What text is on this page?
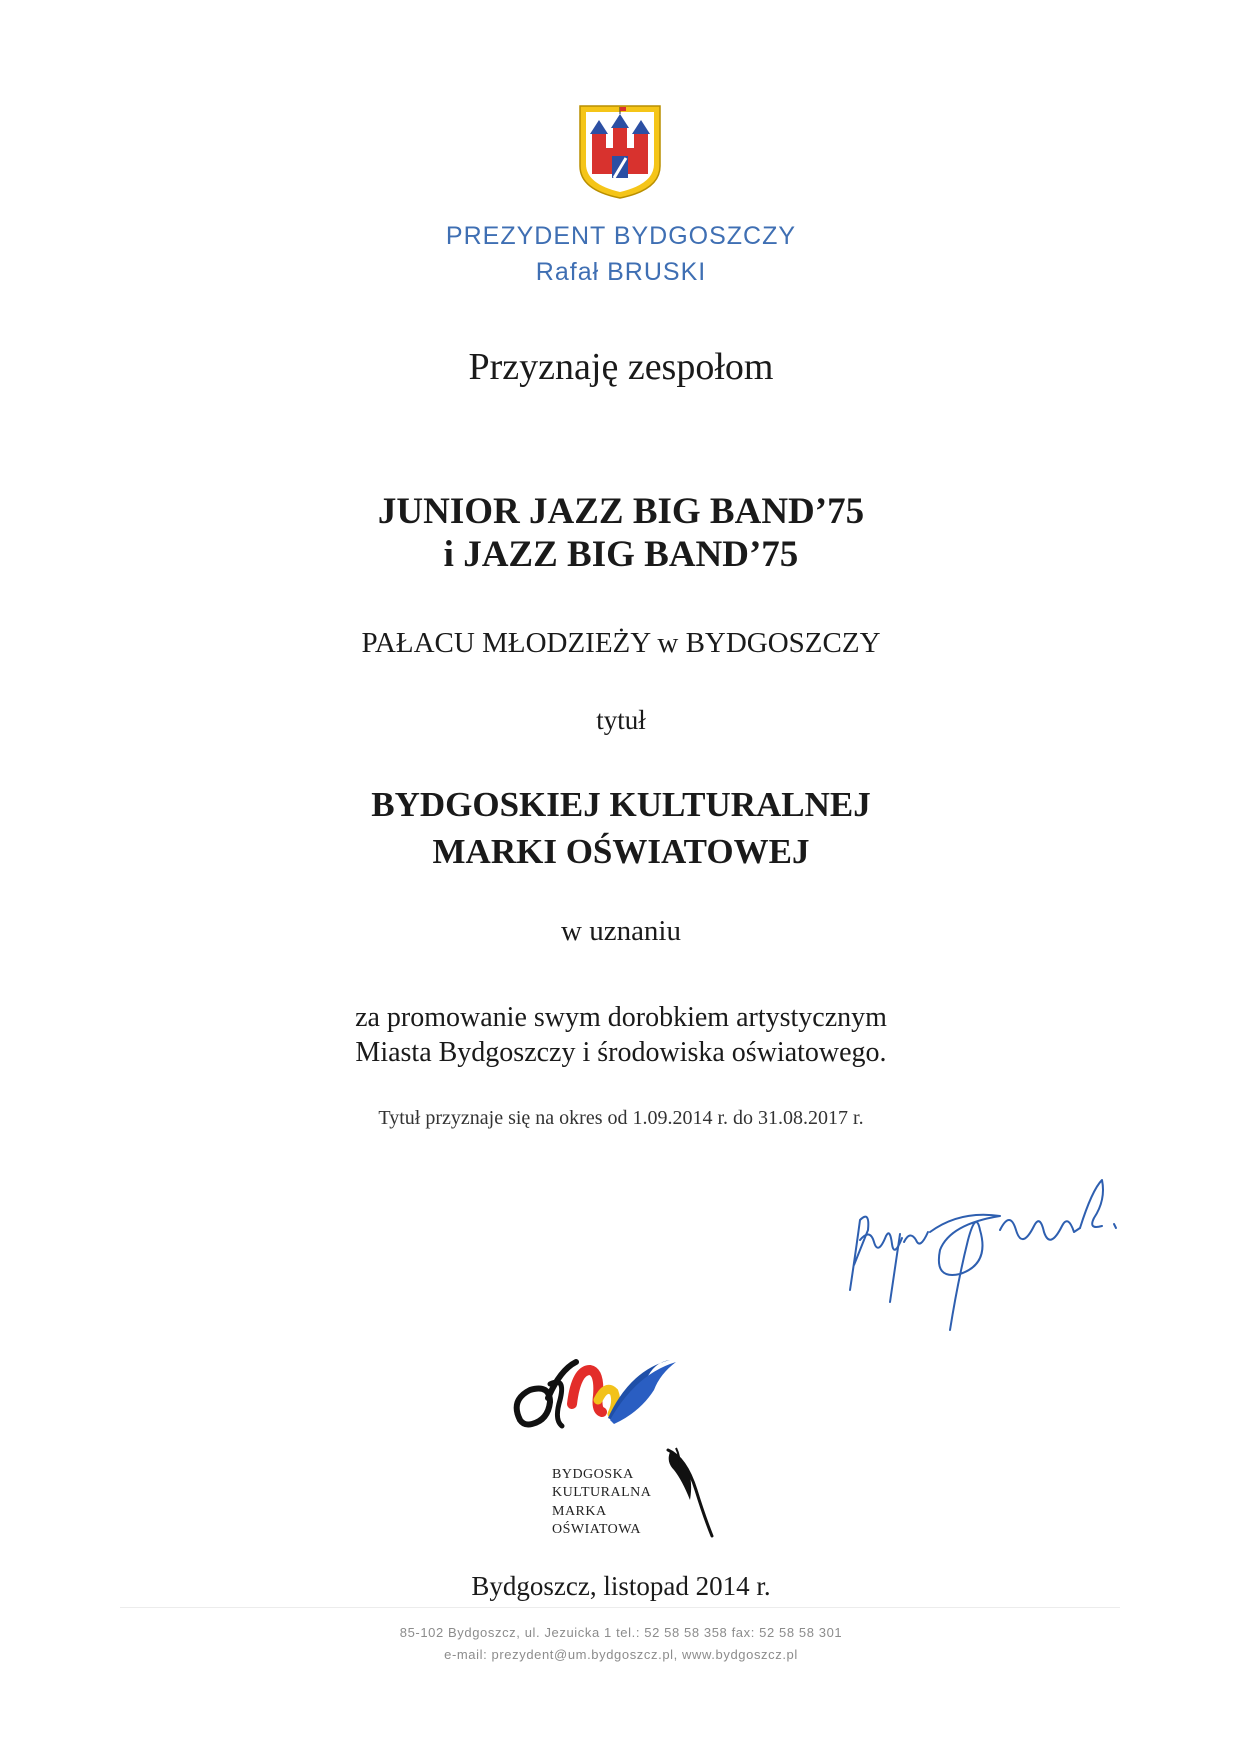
PREZYDENT BYDGOSZCZY
Rafał BRUSKI
Przyznaję zespołom
JUNIOR JAZZ BIG BAND’75
i JAZZ BIG BAND’75
PAŁACU MŁODZIEŻY w BYDGOSZCZY
tytuł
BYDGOSKIEJ KULTURALNEJ
MARKI OŚWIATOWEJ
w uznaniu
za promowanie swym dorobkiem artystycznym
Miasta Bydgoszczy i środowiska oświatowego.
Tytuł przyznaje się na okres od 1.09.2014 r. do 31.08.2017 r.
BYDGOSKA
KULTURALNA
MARKA
OŚWIATOWA
Bydgoszcz, listopad 2014 r.
85-102 Bydgoszcz, ul. Jezuicka 1 tel.: 52 58 58 358 fax: 52 58 58 301
e-mail: prezydent@um.bydgoszcz.pl, www.bydgoszcz.pl
